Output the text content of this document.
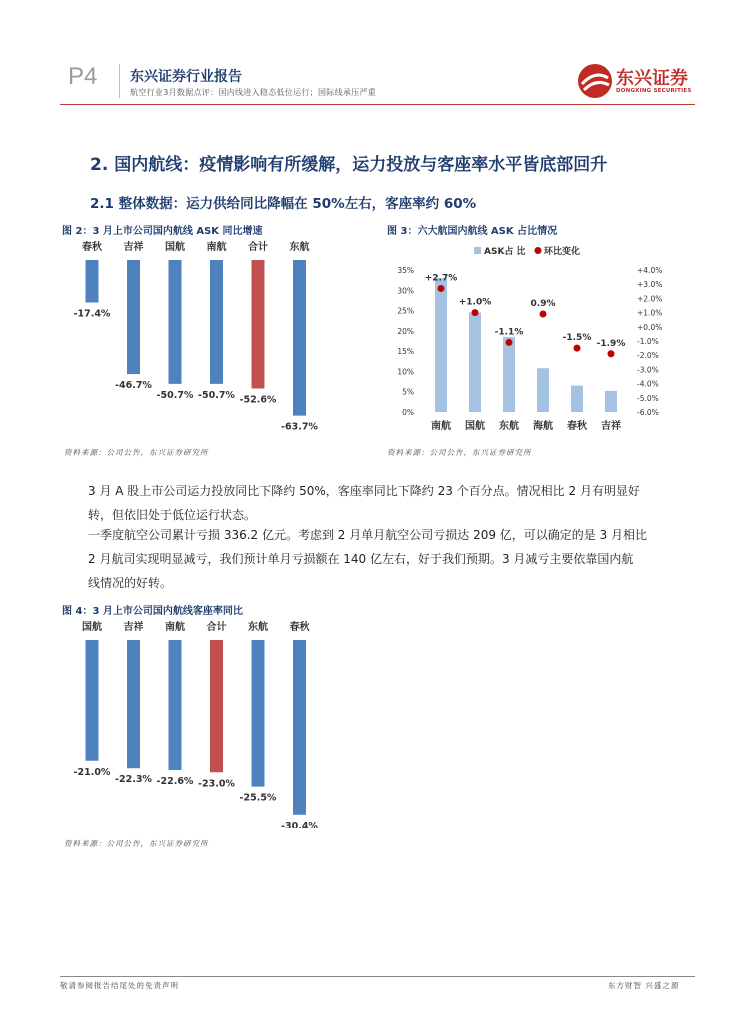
P4 东兴证券行业报告
航空行业3月数据点评：国内线进入稳态低位运行；国际线承压严重
东兴证券
DONGXING SECURITIES
2. 国内航线：疫情影响有所缓解，运力投放与客座率水平皆底部回升
2.1 整体数据：运力供给同比降幅在 50%左右，客座率约 60%
图 2：3 月上市公司国内航线 ASK 同比增速
春秋
-17.4%
吉祥
-46.7%
国航
-50.7%
南航
-50.7%
合计
-52.6%
东航
-63.7%
资料来源：公司公告，东兴证券研究所
图 3：六大航国内航线 ASK 占比情况
ASK占 比 环比变化
0%
5%
10%
15%
20%
25%
30%
35%
-6.0%
-5.0%
-4.0%
-3.0%
-2.0%
-1.0%
+0.0%
+1.0%
+2.0%
+3.0%
+4.0%
+2.7%
南航
+1.0%
国航
-1.1%
东航
0.9%
海航
-1.5%
春秋
-1.9%
吉祥
资料来源：公司公告，东兴证券研究所
3 月 A 股上市公司运力投放同比下降约 50%，客座率同比下降约 23 个百分点。情况相比 2 月有明显好
转，但依旧处于低位运行状态。
一季度航空公司累计亏损 336.2 亿元。考虑到 2 月单月航空公司亏损达 209 亿，可以确定的是 3 月相比
2 月航司实现明显减亏，我们预计单月亏损额在 140 亿左右，好于我们预期。3 月减亏主要依靠国内航
线情况的好转。
图 4：3 月上市公司国内航线客座率同比
国航
-21.0%
吉祥
-22.3%
南航
-22.6%
合计
-23.0%
东航
-25.5%
春秋
-30.4%
资料来源：公司公告，东兴证券研究所
敬请参阅报告结尾处的免责声明	东方财智 兴盛之源
